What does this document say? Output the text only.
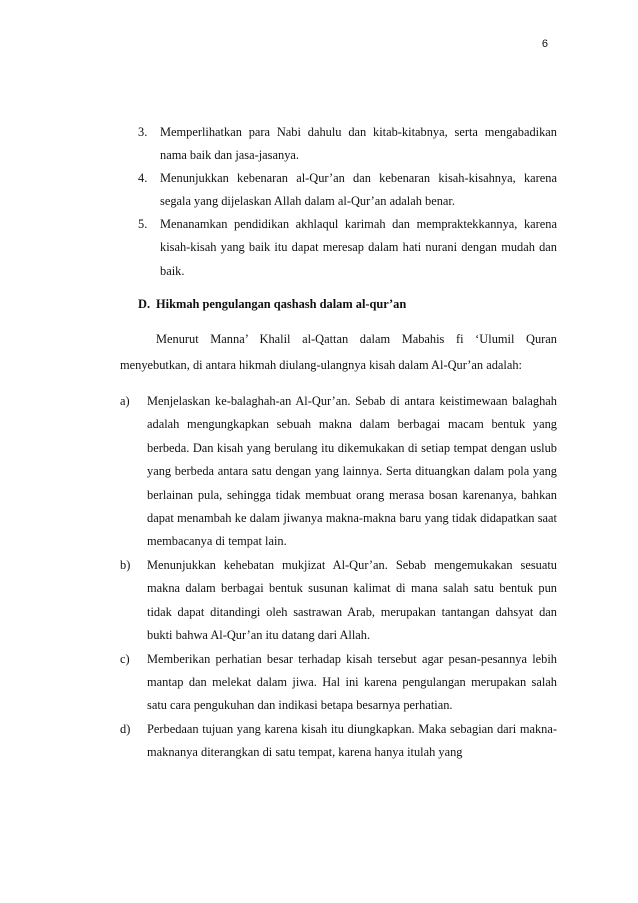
6
3. Memperlihatkan para Nabi dahulu dan kitab-kitabnya, serta mengabadikan nama baik dan jasa-jasanya.
4. Menunjukkan kebenaran al-Qur’an dan kebenaran kisah-kisahnya, karena segala yang dijelaskan Allah dalam al-Qur’an adalah benar.
5. Menanamkan pendidikan akhlaqul karimah dan mempraktekkannya, karena kisah-kisah yang baik itu dapat meresap dalam hati nurani dengan mudah dan baik.
D. Hikmah pengulangan qashash dalam al-qur’an

Menurut Manna’ Khalil al-Qattan dalam Mabahis fi ‘Ulumil Quran menyebutkan, di antara hikmah diulang-ulangnya kisah dalam Al-Qur’an adalah:

a) Menjelaskan ke-balaghah-an Al-Qur’an. Sebab di antara keistimewaan balaghah adalah mengungkapkan sebuah makna dalam berbagai macam bentuk yang berbeda. Dan kisah yang berulang itu dikemukakan di setiap tempat dengan uslub yang berbeda antara satu dengan yang lainnya. Serta dituangkan dalam pola yang berlainan pula, sehingga tidak membuat orang merasa bosan karenanya, bahkan dapat menambah ke dalam jiwanya makna-makna baru yang tidak didapatkan saat membacanya di tempat lain.
b) Menunjukkan kehebatan mukjizat Al-Qur’an. Sebab mengemukakan sesuatu makna dalam berbagai bentuk susunan kalimat di mana salah satu bentuk pun tidak dapat ditandingi oleh sastrawan Arab, merupakan tantangan dahsyat dan bukti bahwa Al-Qur’an itu datang dari Allah.
c) Memberikan perhatian besar terhadap kisah tersebut agar pesan-pesannya lebih mantap dan melekat dalam jiwa. Hal ini karena pengulangan merupakan salah satu cara pengukuhan dan indikasi betapa besarnya perhatian.
d) Perbedaan tujuan yang karena kisah itu diungkapkan. Maka sebagian dari makna-maknanya diterangkan di satu tempat, karena hanya itulah yang
